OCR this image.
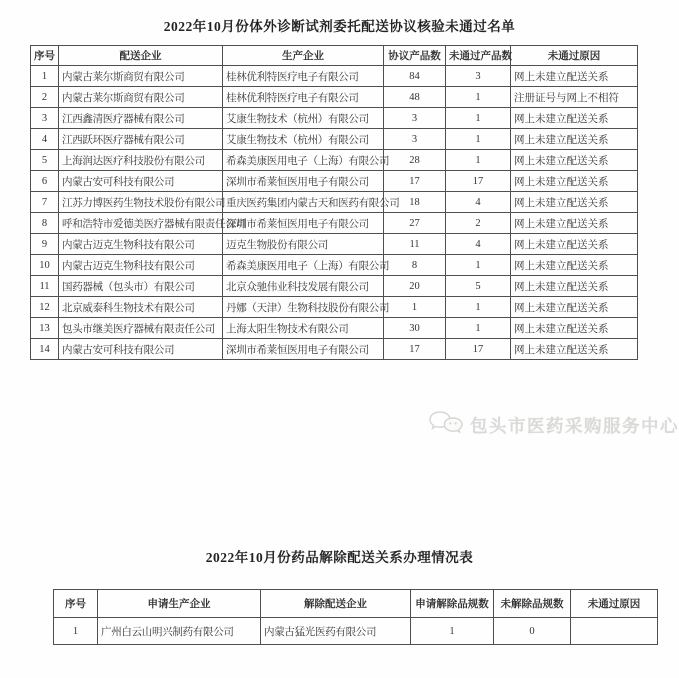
2022年10月份体外诊断试剂委托配送协议核验未通过名单
序号	配送企业	生产企业	协议产品数	未通过产品数	未通过原因
1	内蒙古莱尔斯商贸有限公司	桂林优利特医疗电子有限公司	84	3	网上未建立配送关系
2	内蒙古莱尔斯商贸有限公司	桂林优利特医疗电子有限公司	48	1	注册证号与网上不相符
3	江西鑫清医疗器械有限公司	艾康生物技术（杭州）有限公司	3	1	网上未建立配送关系
4	江西跃环医疗器械有限公司	艾康生物技术（杭州）有限公司	3	1	网上未建立配送关系
5	上海润达医疗科技股份有限公司	希森美康医用电子（上海）有限公司	28	1	网上未建立配送关系
6	内蒙古安可科技有限公司	深圳市希莱恒医用电子有限公司	17	17	网上未建立配送关系
7	江苏力博医药生物技术股份有限公司	重庆医药集团内蒙古天和医药有限公司	18	4	网上未建立配送关系
8	呼和浩特市爱德美医疗器械有限责任公司	深圳市希莱恒医用电子有限公司	27	2	网上未建立配送关系
9	内蒙古迈克生物科技有限公司	迈克生物股份有限公司	11	4	网上未建立配送关系
10	内蒙古迈克生物科技有限公司	希森美康医用电子（上海）有限公司	8	1	网上未建立配送关系
11	国药器械（包头市）有限公司	北京众驰伟业科技发展有限公司	20	5	网上未建立配送关系
12	北京威泰科生物技术有限公司	丹娜（天津）生物科技股份有限公司	1	1	网上未建立配送关系
13	包头市继美医疗器械有限责任公司	上海太阳生物技术有限公司	30	1	网上未建立配送关系
14	内蒙古安可科技有限公司	深圳市希莱恒医用电子有限公司	17	17	网上未建立配送关系
包头市医药采购服务中心
2022年10月份药品解除配送关系办理情况表
序号	申请生产企业	解除配送企业	申请解除品规数	未解除品规数	未通过原因
1	广州白云山明兴制药有限公司	内蒙古猛光医药有限公司	1	0	
